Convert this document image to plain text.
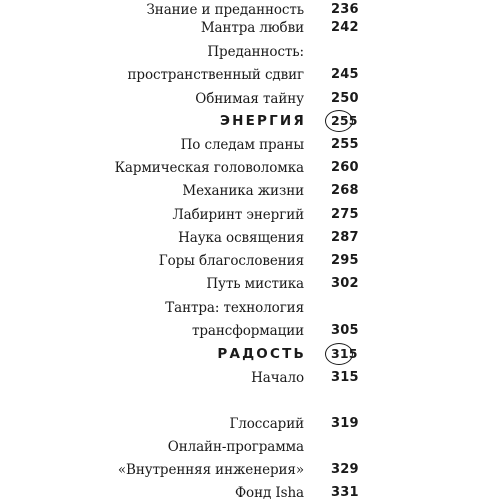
Знание и преданность 236
Мантра любви 242
Преданность:
пространственный сдвиг 245
Обнимая тайну 250
ЭНЕРГИЯ 255
По следам праны 255
Кармическая головоломка 260
Механика жизни 268
Лабиринт энергий 275
Наука освящения 287
Горы благословения 295
Путь мистика 302
Тантра: технология
трансформации 305
РАДОСТЬ 315
Начало 315
Глоссарий 319
Онлайн-программа
«Внутренняя инженерия» 329
Фонд Isha 331
